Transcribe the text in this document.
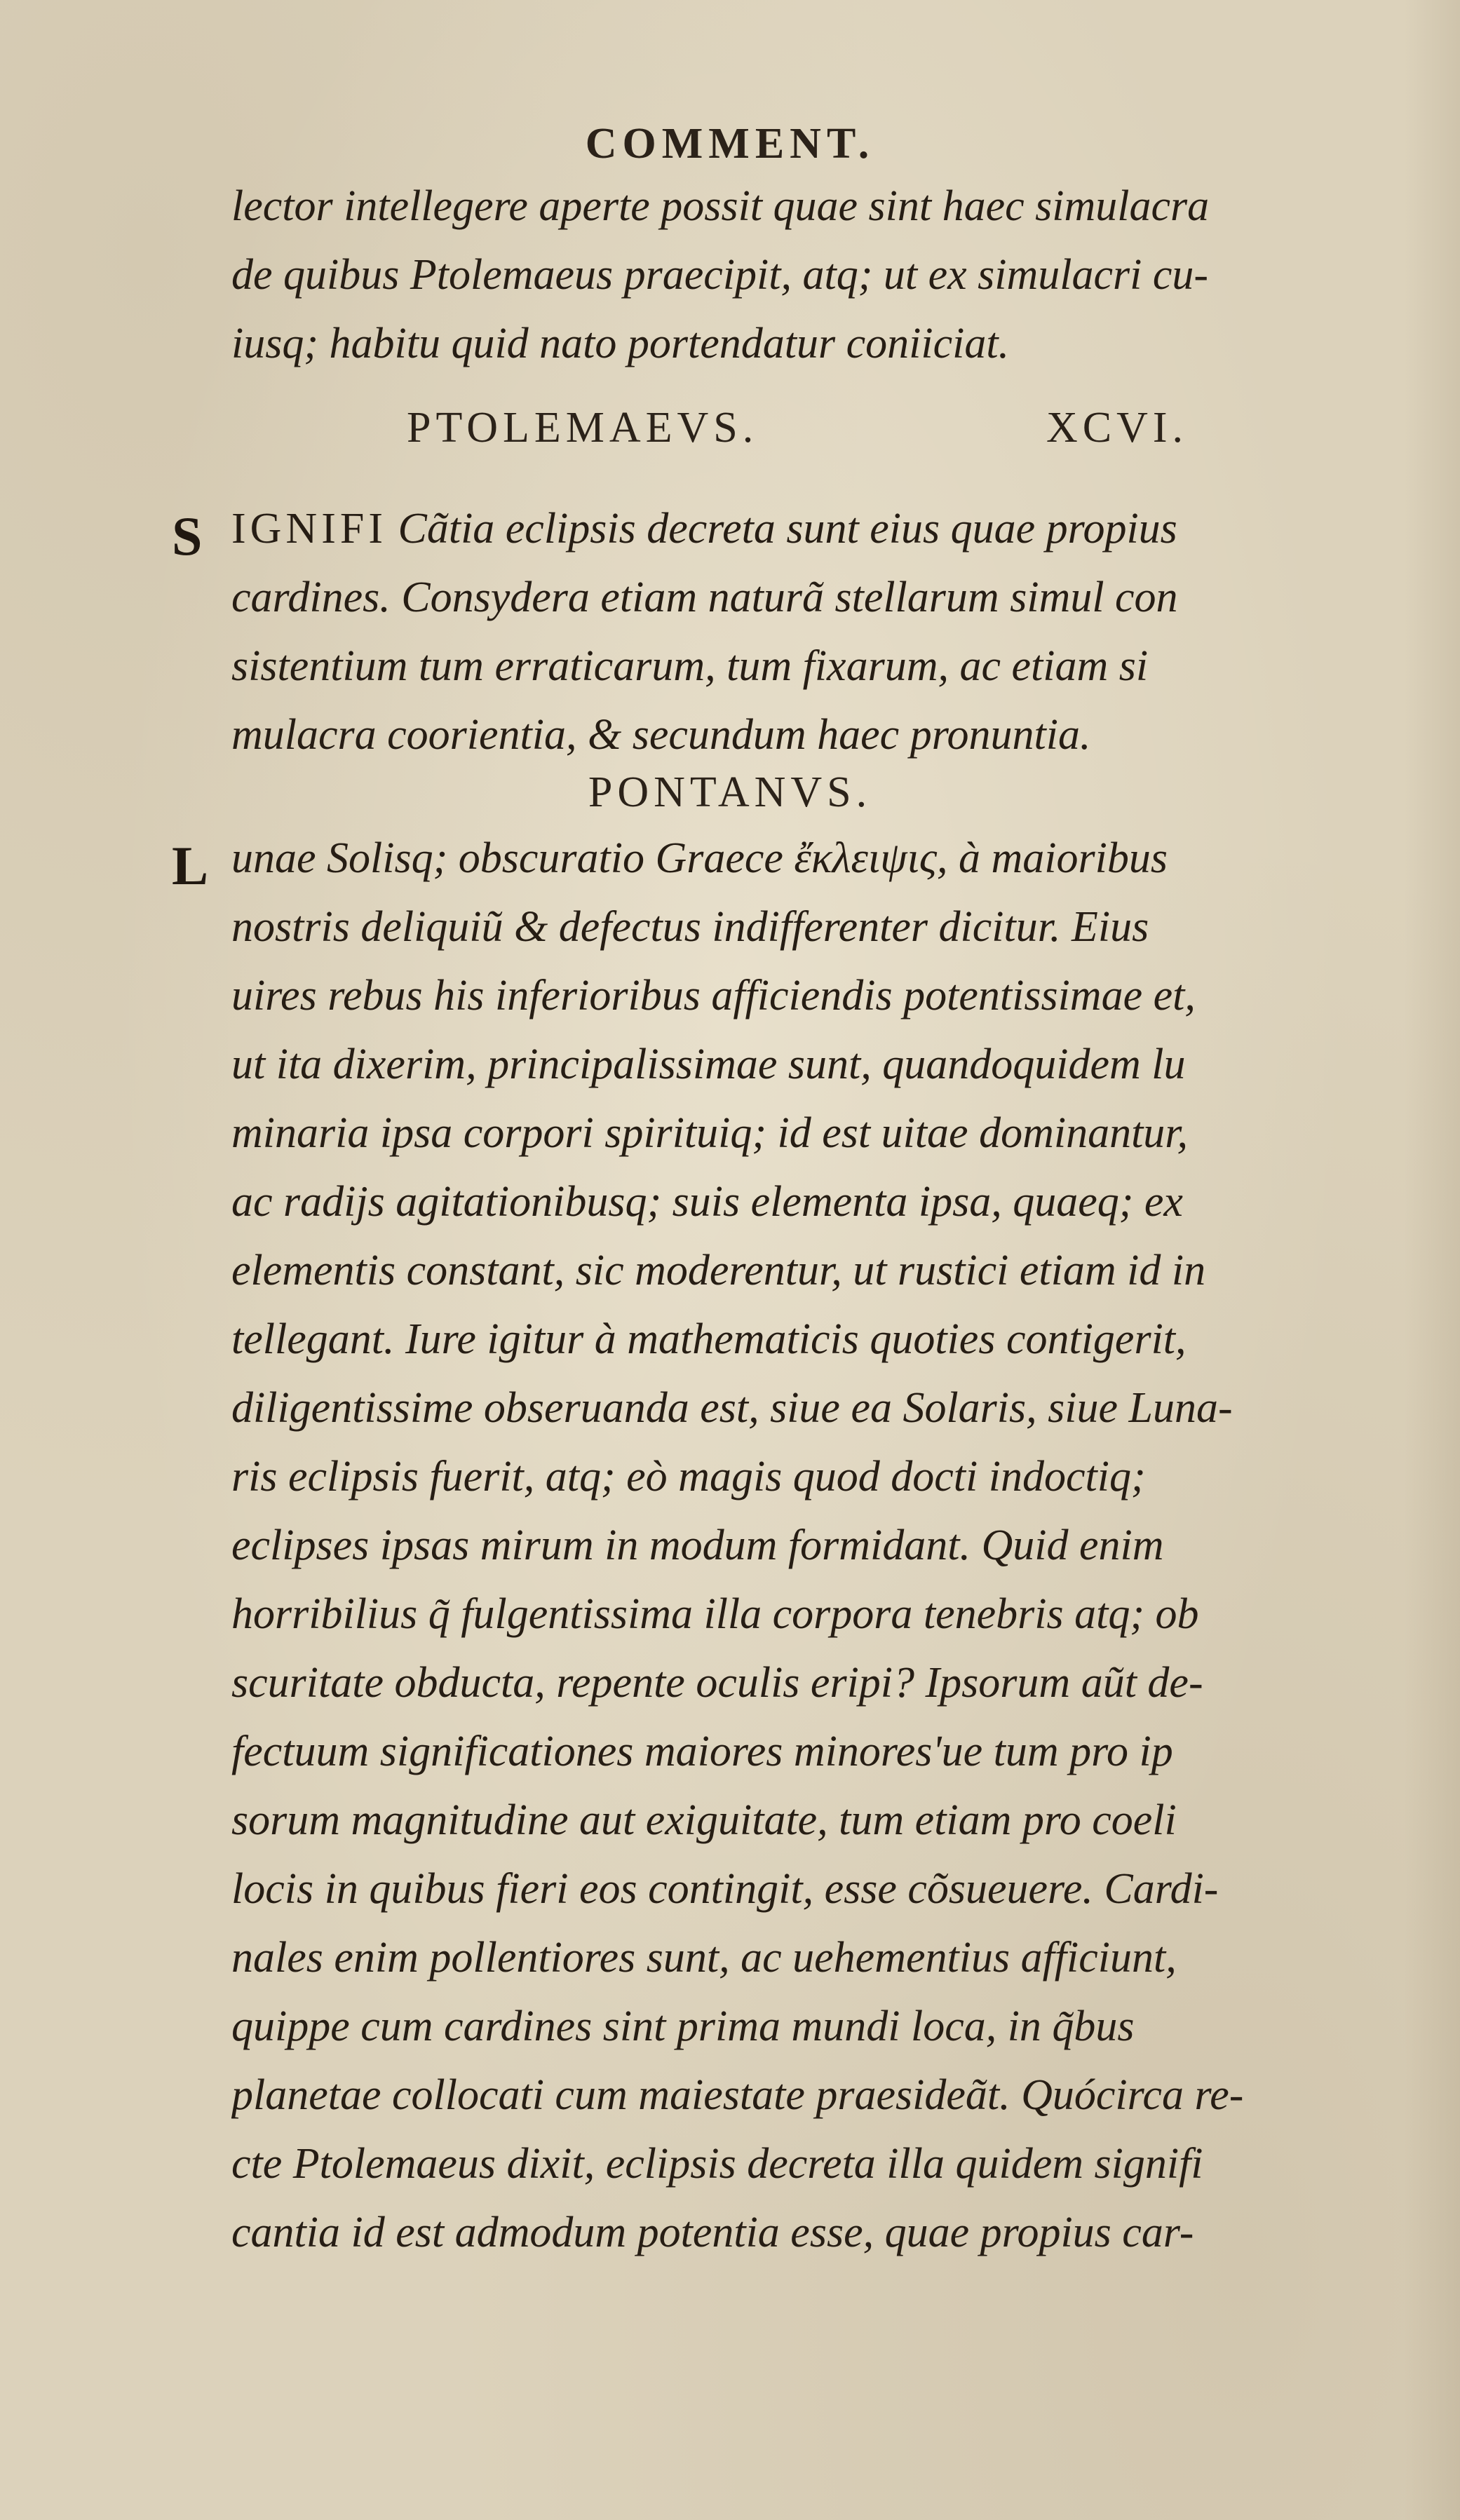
COMMENT.
lector intellegere aperte possit quae sint haec simulacra
de quibus Ptolemaeus praecipit, atq; ut ex simulacri cu-
iusq; habitu quid nato portendatur coniiciat.
PTOLEMAEVS.	XCVI.
S IGNIFI Cãtia eclipsis decreta sunt eius quae propius
cardines. Consydera etiam naturã stellarum simul con
sistentium tum erraticarum, tum fixarum, ac etiam si
mulacra coorientia, & secundum haec pronuntia.
PONTANVS.
L unae Solisq; obscuratio Graece ἔκλειψις, à maioribus
nostris deliquiũ & defectus indifferenter dicitur. Eius
uires rebus his inferioribus afficiendis potentissimae et,
ut ita dixerim, principalissimae sunt, quandoquidem lu
minaria ipsa corpori spirituiq; id est uitae dominantur,
ac radijs agitationibusq; suis elementa ipsa, quaeq; ex
elementis constant, sic moderentur, ut rustici etiam id in
tellegant. Iure igitur à mathematicis quoties contigerit,
diligentissime obseruanda est, siue ea Solaris, siue Luna-
ris eclipsis fuerit, atq; eò magis quod docti indoctiq;
eclipses ipsas mirum in modum formidant. Quid enim
horribilius q̃ fulgentissima illa corpora tenebris atq; ob
scuritate obducta, repente oculis eripi? Ipsorum aũt de-
fectuum significationes maiores minores'ue tum pro ip
sorum magnitudine aut exiguitate, tum etiam pro coeli
locis in quibus fieri eos contingit, esse cõsueuere. Cardi-
nales enim pollentiores sunt, ac uehementius afficiunt,
quippe cum cardines sint prima mundi loca, in q̃bus
planetae collocati cum maiestate praesideãt. Quócirca re-
cte Ptolemaeus dixit, eclipsis decreta illa quidem signifi
cantia id est admodum potentia esse, quae propius car-
